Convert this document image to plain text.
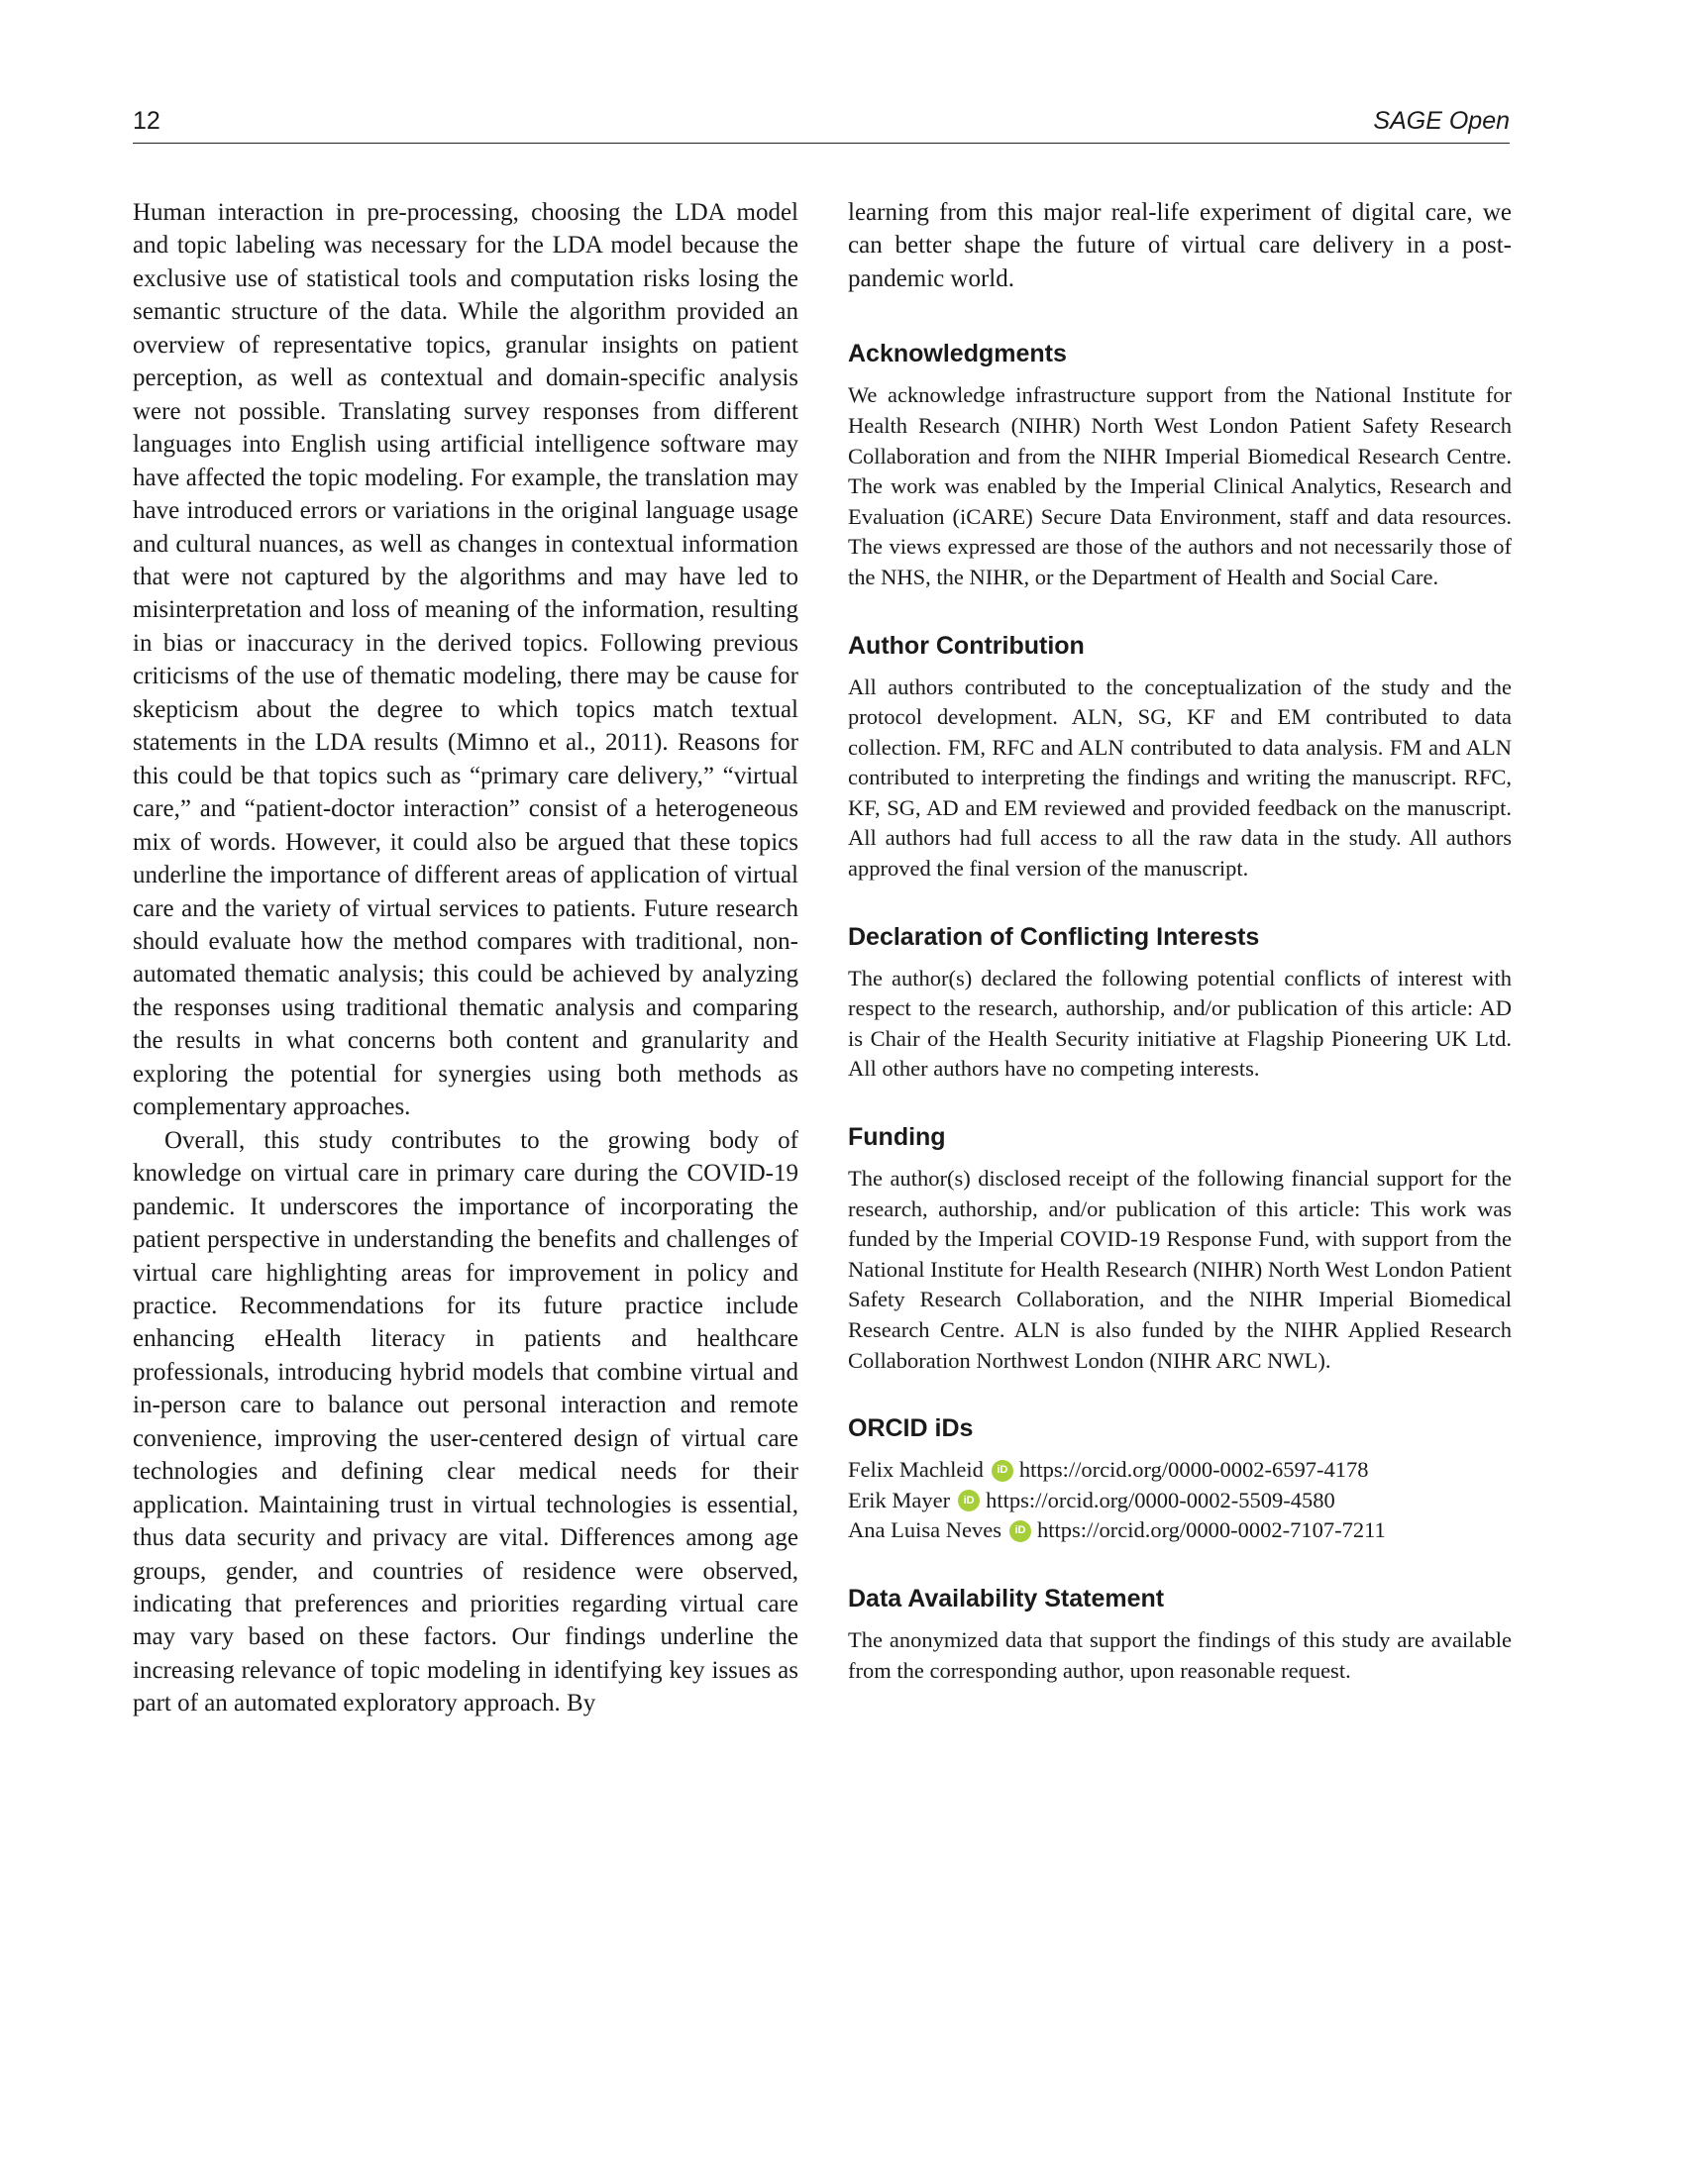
12	SAGE Open

Human interaction in pre-processing, choosing the LDA model and topic labeling was necessary for the LDA model because the exclusive use of statistical tools and computation risks losing the semantic structure of the data. While the algorithm provided an overview of representative topics, granular insights on patient perception, as well as contextual and domain-specific analysis were not possible. Translating survey responses from different languages into English using artificial intelligence software may have affected the topic modeling. For example, the translation may have introduced errors or variations in the original language usage and cultural nuances, as well as changes in contextual information that were not captured by the algorithms and may have led to misinterpretation and loss of meaning of the information, resulting in bias or inaccuracy in the derived topics. Following previous criticisms of the use of thematic modeling, there may be cause for skepticism about the degree to which topics match textual statements in the LDA results (Mimno et al., 2011). Reasons for this could be that topics such as “primary care delivery,” “virtual care,” and “patient-doctor interaction” consist of a heterogeneous mix of words. However, it could also be argued that these topics underline the importance of different areas of application of virtual care and the variety of virtual services to patients. Future research should evaluate how the method compares with traditional, non-automated thematic analysis; this could be achieved by analyzing the responses using traditional thematic analysis and comparing the results in what concerns both content and granularity and exploring the potential for synergies using both methods as complementary approaches.

Overall, this study contributes to the growing body of knowledge on virtual care in primary care during the COVID-19 pandemic. It underscores the importance of incorporating the patient perspective in understanding the benefits and challenges of virtual care highlighting areas for improvement in policy and practice. Recommendations for its future practice include enhancing eHealth literacy in patients and healthcare professionals, introducing hybrid models that combine virtual and in-person care to balance out personal interaction and remote convenience, improving the user-centered design of virtual care technologies and defining clear medical needs for their application. Maintaining trust in virtual technologies is essential, thus data security and privacy are vital. Differences among age groups, gender, and countries of residence were observed, indicating that preferences and priorities regarding virtual care may vary based on these factors. Our findings underline the increasing relevance of topic modeling in identifying key issues as part of an automated exploratory approach. By

learning from this major real-life experiment of digital care, we can better shape the future of virtual care delivery in a post-pandemic world.

Acknowledgments

We acknowledge infrastructure support from the National Institute for Health Research (NIHR) North West London Patient Safety Research Collaboration and from the NIHR Imperial Biomedical Research Centre. The work was enabled by the Imperial Clinical Analytics, Research and Evaluation (iCARE) Secure Data Environment, staff and data resources. The views expressed are those of the authors and not necessarily those of the NHS, the NIHR, or the Department of Health and Social Care.

Author Contribution

All authors contributed to the conceptualization of the study and the protocol development. ALN, SG, KF and EM contributed to data collection. FM, RFC and ALN contributed to data analysis. FM and ALN contributed to interpreting the findings and writing the manuscript. RFC, KF, SG, AD and EM reviewed and provided feedback on the manuscript. All authors had full access to all the raw data in the study. All authors approved the final version of the manuscript.

Declaration of Conflicting Interests

The author(s) declared the following potential conflicts of interest with respect to the research, authorship, and/or publication of this article: AD is Chair of the Health Security initiative at Flagship Pioneering UK Ltd. All other authors have no competing interests.

Funding

The author(s) disclosed receipt of the following financial support for the research, authorship, and/or publication of this article: This work was funded by the Imperial COVID-19 Response Fund, with support from the National Institute for Health Research (NIHR) North West London Patient Safety Research Collaboration, and the NIHR Imperial Biomedical Research Centre. ALN is also funded by the NIHR Applied Research Collaboration Northwest London (NIHR ARC NWL).

ORCID iDs
Felix Machleid	iD https://orcid.org/0000-0002-6597-4178
Erik Mayer	iD https://orcid.org/0000-0002-5509-4580
Ana Luisa Neves	iD https://orcid.org/0000-0002-7107-7211
Data Availability Statement

The anonymized data that support the findings of this study are available from the corresponding author, upon reasonable request.
